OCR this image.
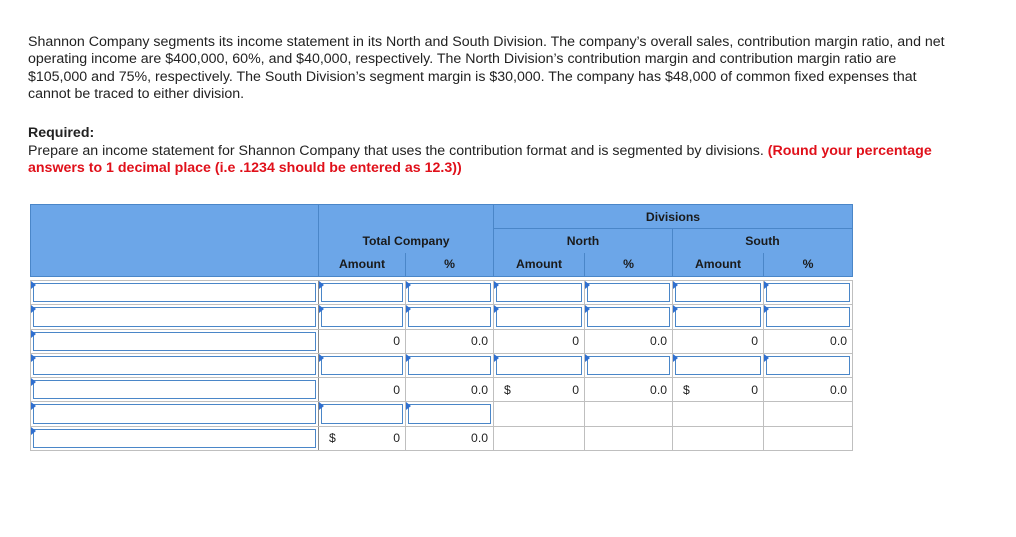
Shannon Company segments its income statement in its North and South Division. The company’s overall sales, contribution margin ratio, and net operating income are $400,000, 60%, and $40,000, respectively. The North Division’s contribution margin and contribution margin ratio are $105,000 and 75%, respectively. The South Division’s segment margin is $30,000. The company has $48,000 of common fixed expenses that cannot be traced to either division.

Required:

Prepare an income statement for Shannon Company that uses the contribution format and is segmented by divisions. (Round your percentage answers to 1 decimal place (i.e .1234 should be entered as 12.3))

			Divisions			
	Total Company		North		South	
	Amount	%	Amount	%	Amount	%

	0	0.0	0	0.0	0	0.0

	0	0.0	$ 0	0.0	$ 0	0.0

	$ 0	0.0				
